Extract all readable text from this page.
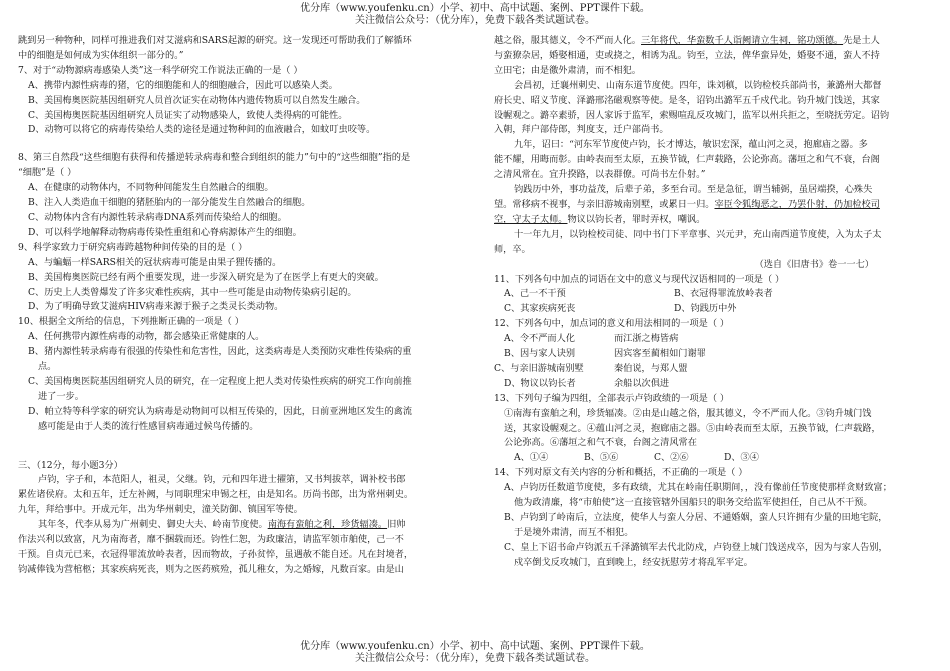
优分库（www.youfenku.cn）小学、初中、高中试题、案例、PPT课件下载。
关注微信公众号：（优分库），免费下载各类试题试卷。
跳到另一种物种，同样可推进我们对艾滋病和SARS起源的研究。这一发现还可帮助我们了解循环
中的细胞是如何成为实体组织一部分的。”
7、对于“动物源病毒感染人类”这一科学研究工作说法正确的一是（ ）
A、携带内源性病毒的猪，它的细胞能和人的细胞融合，因此可以感染人类。
B、美国梅奥医院基因组研究人员首次证实在动物体内遗传物质可以自然发生融合。
C、美国梅奥医院基因组研究人员证实了动物感染人，致使人类得病的可能性。
D、动物可以将它的病毒传染给人类的途径是通过物种间的血液融合，如蚊叮虫咬等。
8、第三自然段“这些细胞有获得和传播逆转录病毒和整合到组织的能力”句中的“这些细胞”指的是
“细胞”是（ ）
A、在健康的动物体内，不同物种间能发生自然融合的细胞。
B、注入人类造血干细胞的猪胚胎内的一部分能发生自然融合的细胞。
C、动物体内含有内源性转录病毒DNA系列而传染给人的细胞。
D、可以科学地解释动物病毒传染性重组和心脊病源体产生的细胞。
9、科学家致力于研究病毒跨越物种间传染的目的是（ ）
A、与蝙蝠一样SARS相关的冠状病毒可能是由果子狸传播的。
B、美国梅奥医院已经有两个重要发现，进一步深入研究是为了在医学上有更大的突破。
C、历史上人类曾爆发了许多灾难性疾病，其中一些可能是由动物传染病引起的。
D、为了明确导致艾滋病HIV病毒来源于猴子之类灵长类动物。
10、根据全文所给的信息，下列推断正确的一项是（ ）
A、任何携带内源性病毒的动物，都会感染正常健康的人。
B、猪内源性转录病毒有很强的传染性和危害性，因此，这类病毒是人类预防灾难性传染病的重
点。
C、美国梅奥医院基因组研究人员的研究，在一定程度上把人类对传染性疾病的研究工作向前推
进了一步。
D、帕立特等科学家的研究认为病毒是动物间可以相互传染的，因此，日前亚洲地区发生的禽流
感可能是由于人类的流行性感冒病毒通过候鸟传播的。
三、（12分，每小题3分）
卢钧，字子和，本范阳人，祖灵，父继。钧，元和四年进士擢第，又书判拔萃，调补校书郎
累佐诸侯府。太和五年，迁左补阙，与同职理宋申锡之枉，由是知名。历尚书郎，出为常州刺史。
九年，拜给事中。开成元年，出为华州刺史，潼关防御、镇国军等使。
其年冬，代李从易为广州刺史、御史大夫、岭南节度使。南海有蛮舶之利，珍货辐凑。旧帅
作法兴利以致富，凡为南海者，靡不捆载而还。钧性仁恕，为政廉洁，请监军领市舶使，己一不
干预。自贞元已来，衣冠得罪流放岭表者，因而物故，子孙贫悴，虽遇赦不能自还。凡在封境者，
钧减俸钱为营棺柩；其家疾病死丧，则为之医药殡殓，孤儿稚女，为之婚嫁，凡数百家。由是山
越之俗，服其德义，令不严而人化。三年将代，华蛮数千人诣阙请立生祠，铭功颂德。先是土人
与蛮獠杂居，婚娶相通，吏或挠之，相诱为乱。钧至，立法，俾华蛮异处，婚娶不通，蛮人不持
立田宅；由是徼外肃清，而不相犯。
会昌初，迁襄州刺史、山南东道节度使。四年，诛刘稹，以钧检校兵部尚书，兼潞州大都督
府长史、昭义节度、泽潞邢洺磁观察等使。是冬，诏钧出潞军五千戍代北。钧升城门饯送，其家
设幄观之。潞卒素骄，因人家诉于监军，索赐喧乱反攻城门，监军以州兵拒之，至晓抚劳定。诏钧
入朝，拜户部侍郎，判度支，迁户部尚书。
九年，诏曰：“河东军节度使卢钧，长才博达，敏识宏深，蕴山河之灵，抱廊庙之器。多
能不耀，用晦而彰。由岭表而至太原，五换节钺，仁声载路，公论弥高。藩垣之和气不衰，台阁
之清风常在。宜升揆路，以表群僚。可尚书左仆射。”
钧践历中外，事功益茂，后辈子弟，多至台司。至是急征，谓当辅弼，虽居端揆，心殊失
望。常移病不视事，与亲旧游城南别墅，或累日一归。宰臣令狐绹恶之，乃罢仆射，仍加检校司
空，守太子太师。物议以钧长者，罪时弄权，嘲讽。
十一年九月，以钧检校司徒、同中书门下平章事、兴元尹，充山南西道节度使，入为太子太
师，卒。
（选自《旧唐书》卷一一七）
11、下列各句中加点的词语在文中的意义与现代汉语相同的一项是（ ）
A、己一不干预	B、衣冠得罪流放岭表者
C、其家疾病死丧	D、钧践历中外
12、下列各句中，加点词的意义和用法相同的一项是（ ）
A、令不严而人化	而江浙之梅皆病
B、因与家人诀别	因宾客至蔺相如门谢罪
C、与亲旧游城南别墅	秦伯说，与郑人盟
D、物议以钧长者	余船以次俱进
13、下列句子编为四组，全部表示卢钧政绩的一项是（ ）
①南海有蛮舶之利，珍货辐凑。②由是山越之俗，服其德义，令不严而人化。③钧升城门饯
送，其家设幄观之。④蕴山河之灵，抱廊庙之器。⑤由岭表而至太原，五换节钺，仁声载路，
公论弥高。⑥藩垣之和气不衰，台阁之清风常在
A、①④	B、⑤⑥	C、②⑥	D、③④
14、下列对原文有关内容的分析和概括，不正确的一项是（ ）
A、卢钧历任数道节度使，多有政绩，尤其在岭南任职期间，，没有像前任节度使那样贪财致富；
他为政清廉，将“市舶使”这一直接管辖外国船只的职务交给监军使担任，自己从不干预。
B、卢钧到了岭南后，立法度，使华人与蛮人分居、不通婚姻，蛮人只许拥有少量的田地宅院，
于是境外肃清，而互不相犯。
C、皇上下诏书命卢钧派五千泽潞镇军去代北防戍，卢钧登上城门饯送戍卒，因为与家人告别，
戍卒倒戈反攻城门，直到晚上，经安抚慰劳才将乱军平定。
优分库（www.youfenku.cn）小学、初中、高中试题、案例、PPT课件下载。
关注微信公众号：（优分库），免费下载各类试题试卷。
